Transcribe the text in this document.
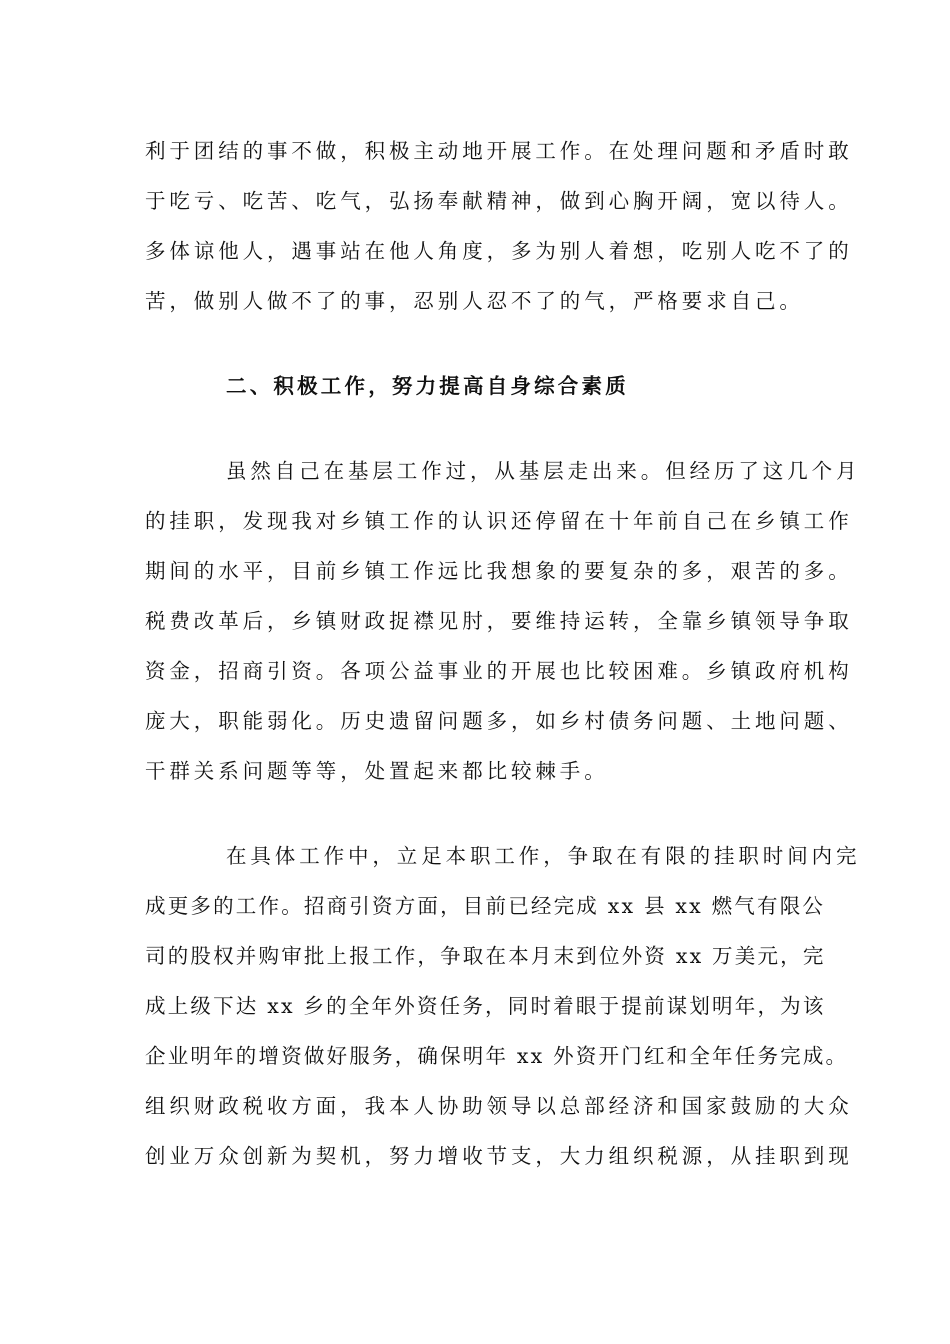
利于团结的事不做，积极主动地开展工作。在处理问题和矛盾时敢
于吃亏、吃苦、吃气，弘扬奉献精神，做到心胸开阔，宽以待人。
多体谅他人，遇事站在他人角度，多为别人着想，吃别人吃不了的
苦，做别人做不了的事，忍别人忍不了的气，严格要求自己。
二、积极工作，努力提高自身综合素质
虽然自己在基层工作过，从基层走出来。但经历了这几个月
的挂职，发现我对乡镇工作的认识还停留在十年前自己在乡镇工作
期间的水平，目前乡镇工作远比我想象的要复杂的多，艰苦的多。
税费改革后，乡镇财政捉襟见肘，要维持运转，全靠乡镇领导争取
资金，招商引资。各项公益事业的开展也比较困难。乡镇政府机构
庞大，职能弱化。历史遗留问题多，如乡村债务问题、土地问题、
干群关系问题等等，处置起来都比较棘手。
在具体工作中，立足本职工作，争取在有限的挂职时间内完
成更多的工作。招商引资方面，目前已经完成 xx 县 xx 燃气有限公
司的股权并购审批上报工作，争取在本月末到位外资 xx 万美元，完
成上级下达 xx 乡的全年外资任务，同时着眼于提前谋划明年，为该
企业明年的增资做好服务，确保明年 xx 外资开门红和全年任务完成。
组织财政税收方面，我本人协助领导以总部经济和国家鼓励的大众
创业万众创新为契机，努力增收节支，大力组织税源，从挂职到现
